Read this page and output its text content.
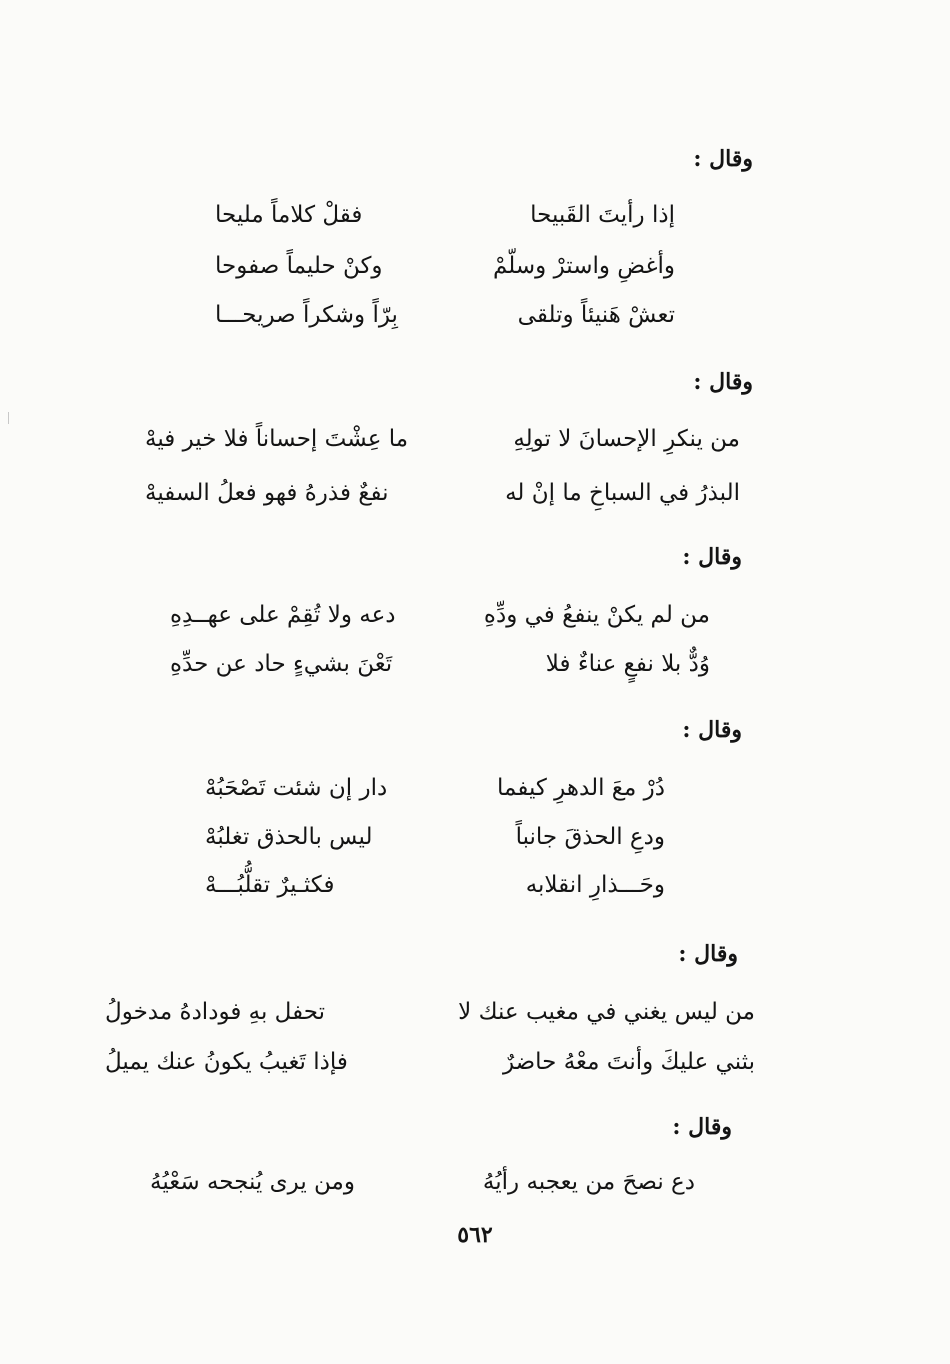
وقال :
إذا رأيتَ القَبيحا
فقلْ كلاماً مليحا
وأغضِ واسترْ وسلّمْ
وكنْ حليماً صفوحا
تعشْ هَنيئاً وتلقى
بِرّاً وشكراً صريحـــا
وقال :
من ينكرِ الإحسانَ لا تولِهِ
ما عِشْتَ إحساناً فلا خير فيهْ
البذرُ في السباخِ ما إنْ له
نفعٌ فذرهُ فهو فعلُ السفيهْ
وقال :
من لم يكنْ ينفعُ في ودِّهِ
دعه ولا تُقِمْ على عهــدِهِ
وُدٌّ بلا نفعٍ عناءٌ فلا
تَعْنَ بشيءٍ حاد عن حدِّهِ
وقال :
دُرْ معَ الدهرِ كيفما
دار إن شئت تَصْحَبُهْ
ودعِ الحذقَ جانباً
ليس بالحذق تغلبُهْ
وحَـــذارِ انقلابه
فكثـيرٌ تقلُّبُـــهْ
وقال :
من ليس يغني في مغيب عنك لا
تحفل بهِ فودادهُ مدخولُ
بثني عليكَ وأنتَ معْهُ حاضرٌ
فإذا تَغيبُ يكونُ عنك يميلُ
وقال :
دع نصحَ من يعجبه رأيُهُ
ومن يرى يُنجحه سَعْيُهُ
٥٦٢
